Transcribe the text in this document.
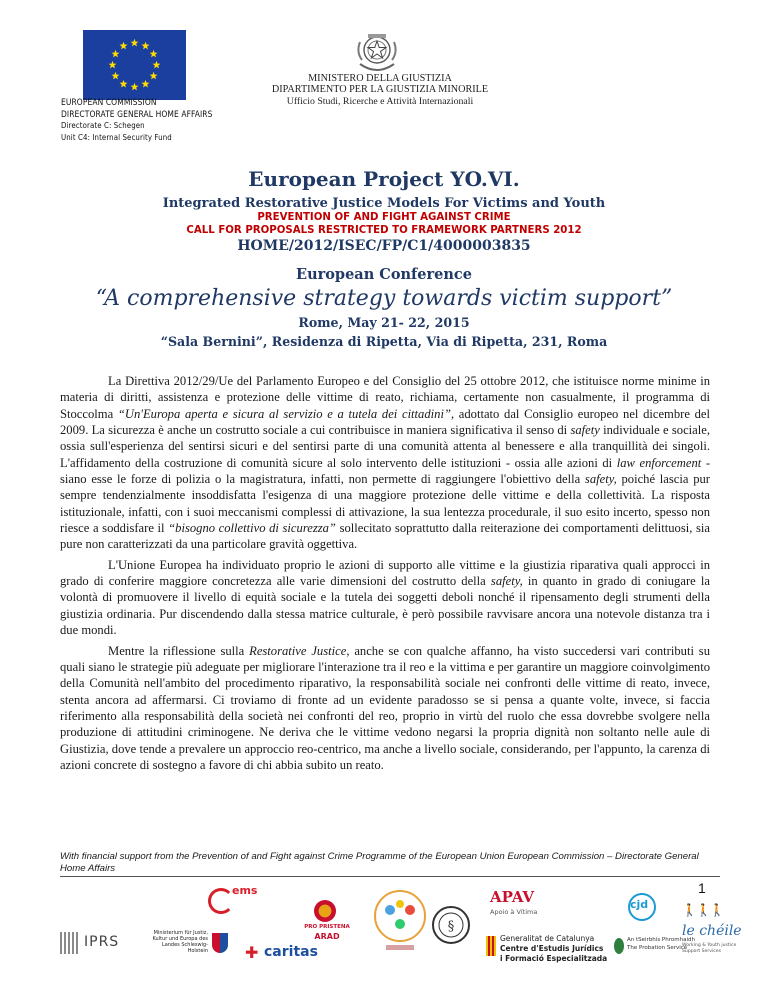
EUROPEAN COMMISSION
DIRECTORATE GENERAL HOME AFFAIRS
Directorate C: Schegen
Unit C4: Internal Security Fund
MINISTERO DELLA GIUSTIZIA
DIPARTIMENTO PER LA GIUSTIZIA MINORILE
Ufficio Studi, Ricerche e Attività Internazionali
European Project YO.VI.
Integrated Restorative Justice Models For Victims and Youth
PREVENTION OF AND FIGHT AGAINST CRIME
CALL FOR PROPOSALS RESTRICTED TO FRAMEWORK PARTNERS 2012
HOME/2012/ISEC/FP/C1/4000003835
European Conference
“A comprehensive strategy towards victim support”
Rome, May 21- 22, 2015
“Sala Bernini”, Residenza di Ripetta, Via di Ripetta, 231, Roma

La Direttiva 2012/29/Ue del Parlamento Europeo e del Consiglio del 25 ottobre 2012, che istituisce norme minime in materia di diritti, assistenza e protezione delle vittime di reato, richiama, certamente non casualmente, il programma di Stoccolma “Un'Europa aperta e sicura al servizio e a tutela dei cittadini”, adottato dal Consiglio europeo nel dicembre del 2009. La sicurezza è anche un costrutto sociale a cui contribuisce in maniera significativa il senso di safety individuale e sociale, ossia sull'esperienza del sentirsi sicuri e del sentirsi parte di una comunità attenta al benessere e alla tranquillità dei singoli. L'affidamento della costruzione di comunità sicure al solo intervento delle istituzioni - ossia alle azioni di law enforcement - siano esse le forze di polizia o la magistratura, infatti, non permette di raggiungere l'obiettivo della safety, poiché lascia pur sempre tendenzialmente insoddisfatta l'esigenza di una maggiore protezione delle vittime e della collettività. La risposta istituzionale, infatti, con i suoi meccanismi complessi di attivazione, la sua lentezza procedurale, il suo esito incerto, spesso non riesce a soddisfare il “bisogno collettivo di sicurezza” sollecitato soprattutto dalla reiterazione dei comportamenti delittuosi, sia pure non caratterizzati da una particolare gravità oggettiva.

L'Unione Europea ha individuato proprio le azioni di supporto alle vittime e la giustizia riparativa quali approcci in grado di conferire maggiore concretezza alle varie dimensioni del costrutto della safety, in quanto in grado di coniugare la volontà di promuovere il livello di equità sociale e la tutela dei soggetti deboli nonché il ripensamento degli strumenti della giustizia ordinaria. Pur discendendo dalla stessa matrice culturale, è però possibile ravvisare ancora una notevole distanza tra i due mondi.

Mentre la riflessione sulla Restorative Justice, anche se con qualche affanno, ha visto succedersi vari contributi su quali siano le strategie più adeguate per migliorare l'interazione tra il reo e la vittima e per garantire un maggiore coinvolgimento della Comunità nell'ambito del procedimento riparativo, la responsabilità sociale nei confronti delle vittime di reato, invece, stenta ancora ad affermarsi. Ci troviamo di fronte ad un evidente paradosso se si pensa a quante volte, invece, si faccia riferimento alla responsabilità della società nei confronti del reo, proprio in virtù del ruolo che essa dovrebbe svolgere nella produzione di attitudini criminogene. Ne deriva che le vittime vedono negarsi la propria dignità non soltanto nelle aule di Giustizia, dove tende a prevalere un approccio reo-centrico, ma anche a livello sociale, considerando, per l'appunto, la carenza di azioni concrete di sostegno a favore di chi abbia subito un reato.

With financial support from the Prevention of and Fight against Crime Programme of the European Union European Commission – Directorate General Home Affairs
1
IPRS
Ministerium für Justiz, Kultur und Europa des Landes Schleswig-Holstein
ems
✚ caritas
PRO PRISTENA
ARAD
§
APAV
Apoio à Vítima
Generalitat de Catalunya
Centre d'Estudis Jurídics
i Formació Especialitzada
cjd
An tSeirbhís Phromhaidh
The Probation Service
🚶🚶🚶
le chéile
Working & Youth justice Support Services
